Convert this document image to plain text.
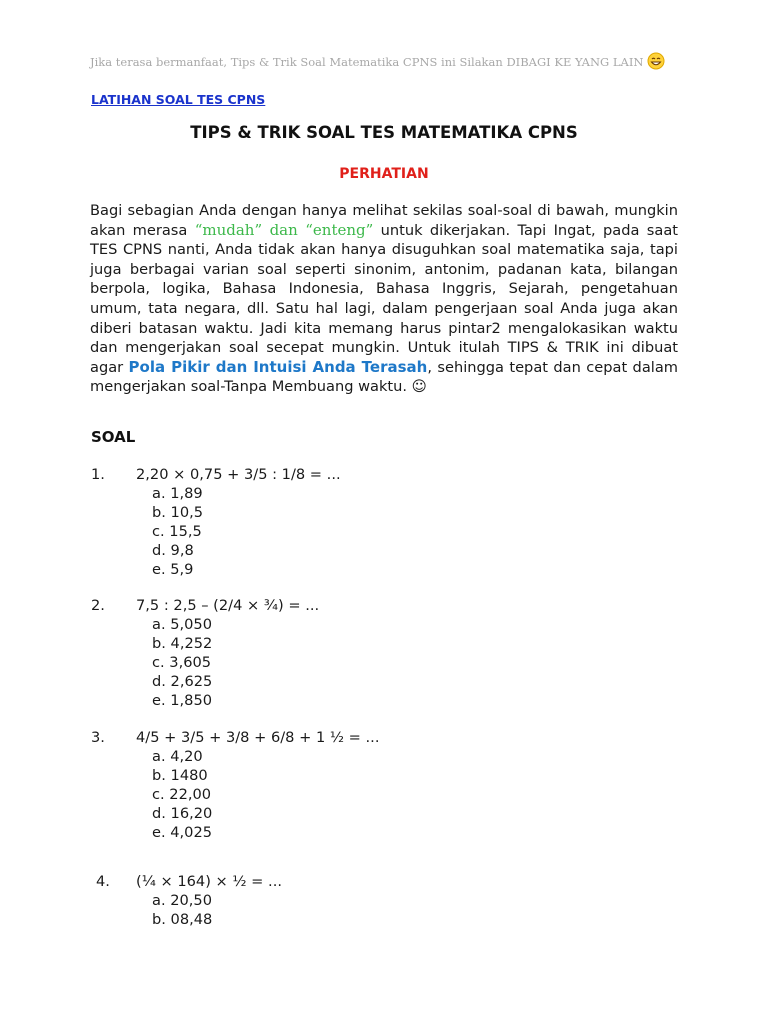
Jika terasa bermanfaat, Tips & Trik Soal Matematika CPNS ini Silakan DIBAGI KE YANG LAIN
LATIHAN SOAL TES CPNS
TIPS & TRIK SOAL TES MATEMATIKA CPNS
PERHATIAN
Bagi sebagian Anda dengan hanya melihat sekilas soal-soal di bawah, mungkin akan merasa “mudah” dan “enteng” untuk dikerjakan. Tapi Ingat, pada saat TES CPNS nanti, Anda tidak akan hanya disuguhkan soal matematika saja, tapi juga berbagai varian soal seperti sinonim, antonim, padanan kata, bilangan berpola, logika, Bahasa Indonesia, Bahasa Inggris, Sejarah, pengetahuan umum, tata negara, dll. Satu hal lagi, dalam pengerjaan soal Anda juga akan diberi batasan waktu. Jadi kita memang harus pintar2 mengalokasikan waktu dan mengerjakan soal secepat mungkin. Untuk itulah TIPS & TRIK ini dibuat agar Pola Pikir dan Intuisi Anda Terasah, sehingga tepat dan cepat dalam mengerjakan soal-Tanpa Membuang waktu. ☺
SOAL
1. 2,20 × 0,75 + 3/5 : 1/8 = ...
a. 1,89
b. 10,5
c. 15,5
d. 9,8
e. 5,9
2. 7,5 : 2,5 – (2/4 × ¾) = ...
a. 5,050
b. 4,252
c. 3,605
d. 2,625
e. 1,850
3. 4/5 + 3/5 + 3/8 + 6/8 + 1 ½ = ...
a. 4,20
b. 1480
c. 22,00
d. 16,20
e. 4,025
4. (¼ × 164) × ½ = ...
a. 20,50
b. 08,48
